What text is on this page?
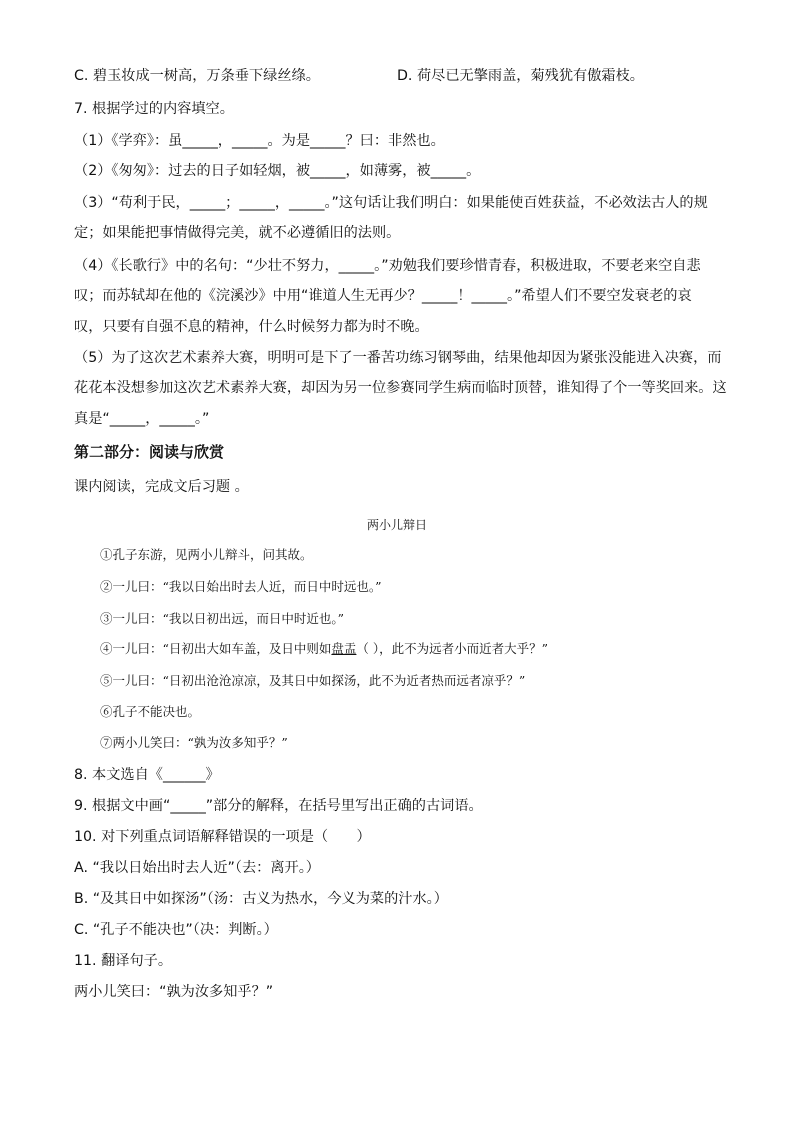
C. 碧玉妆成一树高，万条垂下绿丝绦。	D. 荷尽已无擎雨盖，菊残犹有傲霜枝。
7. 根据学过的内容填空。
（1）《学弈》：虽_____，_____。为是_____？曰：非然也。
（2）《匆匆》：过去的日子如轻烟，被_____，如薄雾，被_____。
（3）“苟利于民，_____；_____，_____。”这句话让我们明白：如果能使百姓获益，不必效法古人的规
定；如果能把事情做得完美，就不必遵循旧的法则。
（4）《长歌行》中的名句：“少壮不努力，_____。”劝勉我们要珍惜青春，积极进取，不要老来空自悲
叹；而苏轼却在他的《浣溪沙》中用“谁道人生无再少？_____！_____。”希望人们不要空发衰老的哀
叹，只要有自强不息的精神，什么时候努力都为时不晚。
（5）为了这次艺术素养大赛，明明可是下了一番苦功练习钢琴曲，结果他却因为紧张没能进入决赛，而
花花本没想参加这次艺术素养大赛，却因为另一位参赛同学生病而临时顶替，谁知得了个一等奖回来。这
真是“_____，_____。”
第二部分：阅读与欣赏
课内阅读，完成文后习题 。
两小儿辩日
①孔子东游，见两小儿辩斗，问其故。
②一儿曰：“我以日始出时去人近，而日中时远也。”
③一儿曰：“我以日初出远，而日中时近也。”
④一儿曰：“日初出大如车盖，及日中则如盘盂（ ），此不为远者小而近者大乎？”
⑤一儿曰：“日初出沧沧凉凉，及其日中如探汤，此不为近者热而远者凉乎？”
⑥孔子不能决也。
⑦两小儿笑曰：“孰为汝多知乎？”
8. 本文选自《______》
9. 根据文中画“_____”部分的解释，在括号里写出正确的古词语。
10. 对下列重点词语解释错误的一项是（　　）
A. “我以日始出时去人近”（去：离开。）
B. “及其日中如探汤”（汤：古义为热水，今义为菜的汁水。）
C. “孔子不能决也”（决：判断。）
11. 翻译句子。
两小儿笑曰：“孰为汝多知乎？”
